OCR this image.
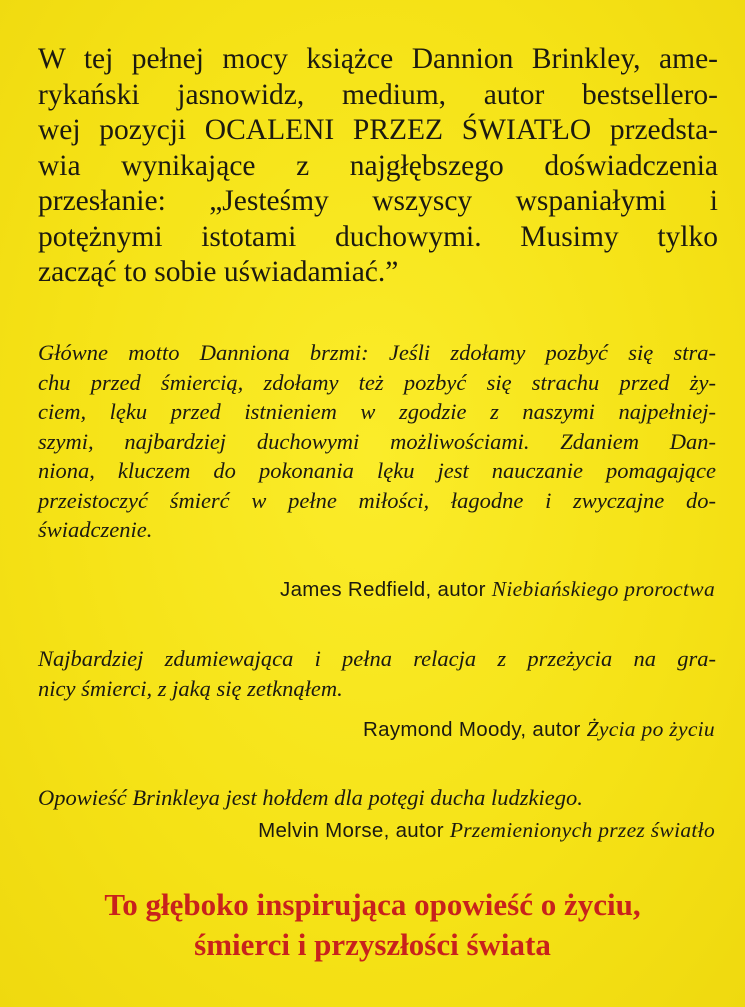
W tej pełnej mocy książce Dannion Brinkley, ame-
rykański jasnowidz, medium, autor bestsellero-
wej pozycji OCALENI PRZEZ ŚWIATŁO przedsta-
wia wynikające z najgłębszego doświadczenia
przesłanie: „Jesteśmy wszyscy wspaniałymi i
potężnymi istotami duchowymi. Musimy tylko
zacząć to sobie uświadamiać.”

Główne motto Danniona brzmi: Jeśli zdołamy pozbyć się stra-
chu przed śmiercią, zdołamy też pozbyć się strachu przed ży-
ciem, lęku przed istnieniem w zgodzie z naszymi najpełniej-
szymi, najbardziej duchowymi możliwościami. Zdaniem Dan-
niona, kluczem do pokonania lęku jest nauczanie pomagające
przeistoczyć śmierć w pełne miłości, łagodne i zwyczajne do-
świadczenie.

James Redfield, autor Niebiańskiego proroctwa

Najbardziej zdumiewająca i pełna relacja z przeżycia na gra-
nicy śmierci, z jaką się zetknąłem.

Raymond Moody, autor Życia po życiu

Opowieść Brinkleya jest hołdem dla potęgi ducha ludzkiego.

Melvin Morse, autor Przemienionych przez światło
To głęboko inspirująca opowieść o życiu,
śmierci i przyszłości świata
